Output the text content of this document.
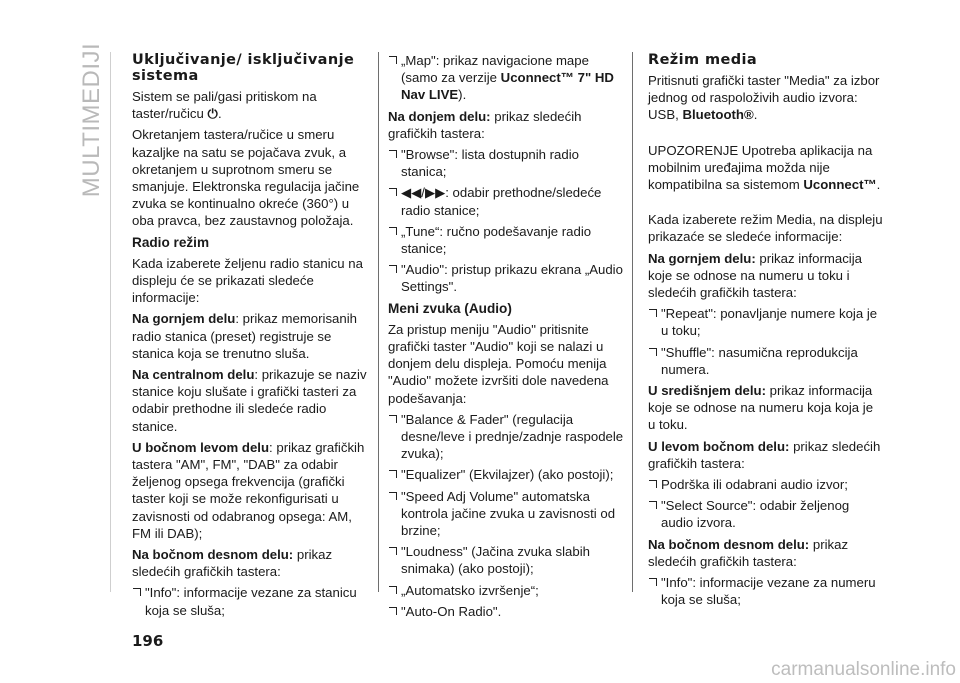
MULTIMEDIJI Uključivanje/ isključivanje sistema

Sistem se pali/gasi pritiskom na taster/ručicu ⏻.

Okretanjem tastera/ručice u smeru kazaljke na satu se pojačava zvuk, a okretanjem u suprotnom smeru se smanjuje. Elektronska regulacija jačine zvuka se kontinualno okreće (360°) u oba pravca, bez zaustavnog položaja.

Radio režim

Kada izaberete željenu radio stanicu na displeju će se prikazati sledeće informacije:

Na gornjem delu: prikaz memorisanih radio stanica (preset) registruje se stanica koja se trenutno sluša.

Na centralnom delu: prikazuje se naziv stanice koju slušate i grafički tasteri za odabir prethodne ili sledeće radio stanice.

U bočnom levom delu: prikaz grafičkih tastera "AM", FM", "DAB" za odabir željenog opsega frekvencija (grafički taster koji se može rekonfigurisati u zavisnosti od odabranog opsega: AM, FM ili DAB);

Na bočnom desnom delu: prikaz sledećih grafičkih tastera:

"Info": informacije vezane za stanicu koja se sluša;

„Map": prikaz navigacione mape (samo za verzije Uconnect™ 7" HD Nav LIVE).

Na donjem delu: prikaz sledećih grafičkih tastera:

"Browse": lista dostupnih radio stanica;

◀◀/▶▶: odabir prethodne/sledeće radio stanice;

„Tune“: ručno podešavanje radio stanice;

"Audio": pristup prikazu ekrana „Audio Settings".

Meni zvuka (Audio)

Za pristup meniju "Audio" pritisnite grafički taster "Audio" koji se nalazi u donjem delu displeja. Pomoću menija "Audio" možete izvršiti dole navedena podešavanja:

"Balance & Fader" (regulacija desne/leve i prednje/zadnje raspodele zvuka);

"Equalizer" (Ekvilajzer) (ako postoji);

"Speed Adj Volume" automatska kontrola jačine zvuka u zavisnosti od brzine;

"Loudness" (Jačina zvuka slabih snimaka) (ako postoji);

„Automatsko izvršenje“;

"Auto-On Radio".

Režim media

Pritisnuti grafički taster "Media" za izbor jednog od raspoloživih audio izvora: USB, Bluetooth®.

UPOZORENJE Upotreba aplikacija na mobilnim uređajima možda nije kompatibilna sa sistemom Uconnect™.

Kada izaberete režim Media, na displeju prikazaće se sledeće informacije:

Na gornjem delu: prikaz informacija koje se odnose na numeru u toku i sledećih grafičkih tastera:

"Repeat": ponavljanje numere koja je u toku;

"Shuffle": nasumična reprodukcija numera.

U središnjem delu: prikaz informacija koje se odnose na numeru koja koja je u toku.

U levom bočnom delu: prikaz sledećih grafičkih tastera:

Podrška ili odabrani audio izvor;

"Select Source": odabir željenog audio izvora.

Na bočnom desnom delu: prikaz sledećih grafičkih tastera:

"Info": informacije vezane za numeru koja se sluša;

196
carmanualsonline.info
